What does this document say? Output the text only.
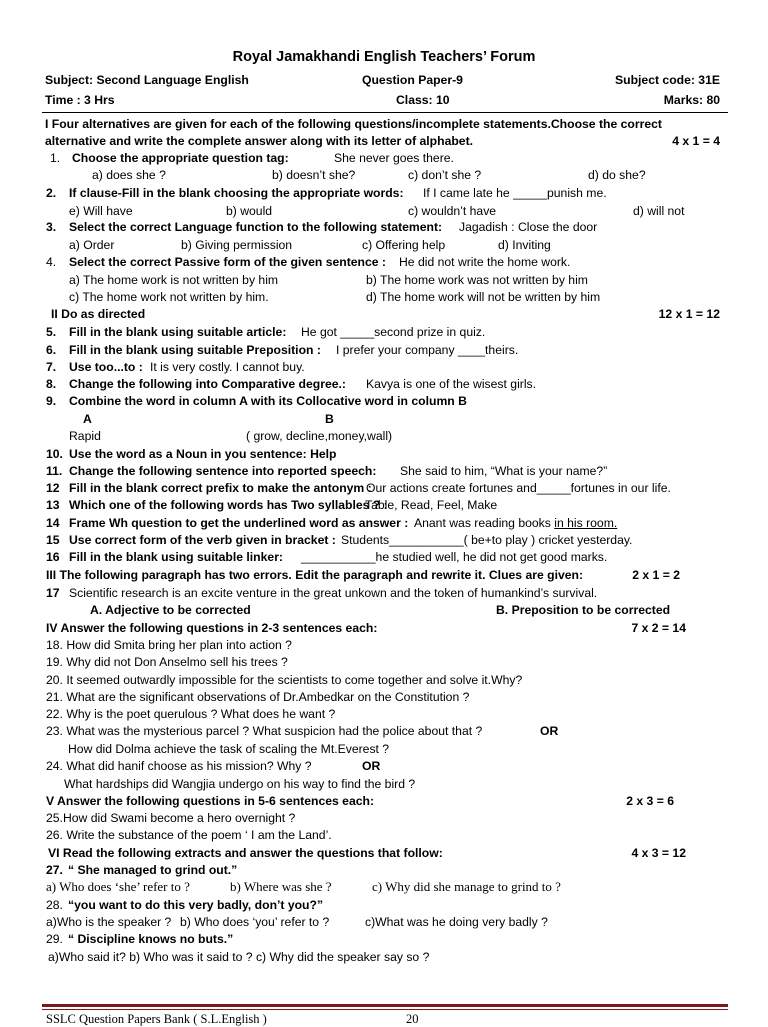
Royal Jamakhandi English Teachers’ Forum
Subject: Second Language English	Question Paper-9	Subject code: 31E
Time : 3 Hrs	Class: 10	Marks: 80
I Four alternatives are given for each of the following questions/incomplete statements.Choose the correct
alternative and write the complete answer along with its letter of alphabet.	4 x 1 = 4
1. Choose the appropriate question tag:	She never goes there.
a) does she ?	b) doesn’t she?	c) don’t she ?	d) do she?
2. If clause-Fill in the blank choosing the appropriate words: If I came late he _____punish me.
e) Will have	b) would	c) wouldn’t have	d) will not
3. Select the correct Language function to the following statement: Jagadish : Close the door
a) Order	b) Giving permission	c) Offering help	d) Inviting
4. Select the correct Passive form of the given sentence : He did not write the home work.
a) The home work is not written by him	b) The home work was not written by him
c) The home work not written by him.	d) The home work will not be written by him
II Do as directed	12 x 1 = 12
5. Fill in the blank using suitable article: He got _____second prize in quiz.
6. Fill in the blank using suitable Preposition : I prefer your company ____theirs.
7. Use too...to : It is very costly. I cannot buy.
8. Change the following into Comparative degree.: Kavya is one of the wisest girls.
9. Combine the word in column A with its Collocative word in column B
A	B
Rapid	( grow, decline,money,wall)
10. Use the word as a Noun in you sentence: Help
11. Change the following sentence into reported speech: She said to him, “What is your name?”
12 Fill in the blank correct prefix to make the antonym :
Our actions create fortunes and_____fortunes in our life.
13 Which one of the following words has Two syllables ? :
Table, Read, Feel, Make
14 Frame Wh question to get the underlined word as answer : Anant was reading books in his room.
15 Use correct form of the verb given in bracket : Students___________( be+to play ) cricket yesterday.
16 Fill in the blank using suitable linker: ___________he studied well, he did not get good marks.
III The following paragraph has two errors. Edit the paragraph and rewrite it. Clues are given:	2 x 1 = 2
17 Scientific research is an excite venture in the great unkown and the token of humankind’s survival.
A. Adjective to be corrected	B. Preposition to be corrected
IV Answer the following questions in 2-3 sentences each:	7 x 2 = 14
18. How did Smita bring her plan into action ?
19. Why did not Don Anselmo sell his trees ?
20. It seemed outwardly impossible for the scientists to come together and solve it.Why?
21. What are the significant observations of Dr.Ambedkar on the Constitution ?
22. Why is the poet querulous ? What does he want ?
23. What was the mysterious parcel ? What suspicion had the police about that ?	OR
How did Dolma achieve the task of scaling the Mt.Everest ?
24. What did hanif choose as his mission? Why ?	OR
What hardships did Wangjia undergo on his way to find the bird ?
V Answer the following questions in 5-6 sentences each:	2 x 3 = 6
25.How did Swami become a hero overnight ?
26. Write the substance of the poem ‘ I am the Land’.
VI Read the following extracts and answer the questions that follow:	4 x 3 = 12
27. “ She managed to grind out.”
a) Who does ‘she’ refer to ?	b) Where was she ?	c) Why did she manage to grind to ?
28. “you want to do this very badly, don’t you?”
a)Who is the speaker ? b) Who does ‘you’ refer to ?	c)What was he doing very badly ?
29. “ Discipline knows no buts.”
a)Who said it? b) Who was it said to ? c) Why did the speaker say so ?
SSLC Question Papers Bank ( S.L.English )	20
